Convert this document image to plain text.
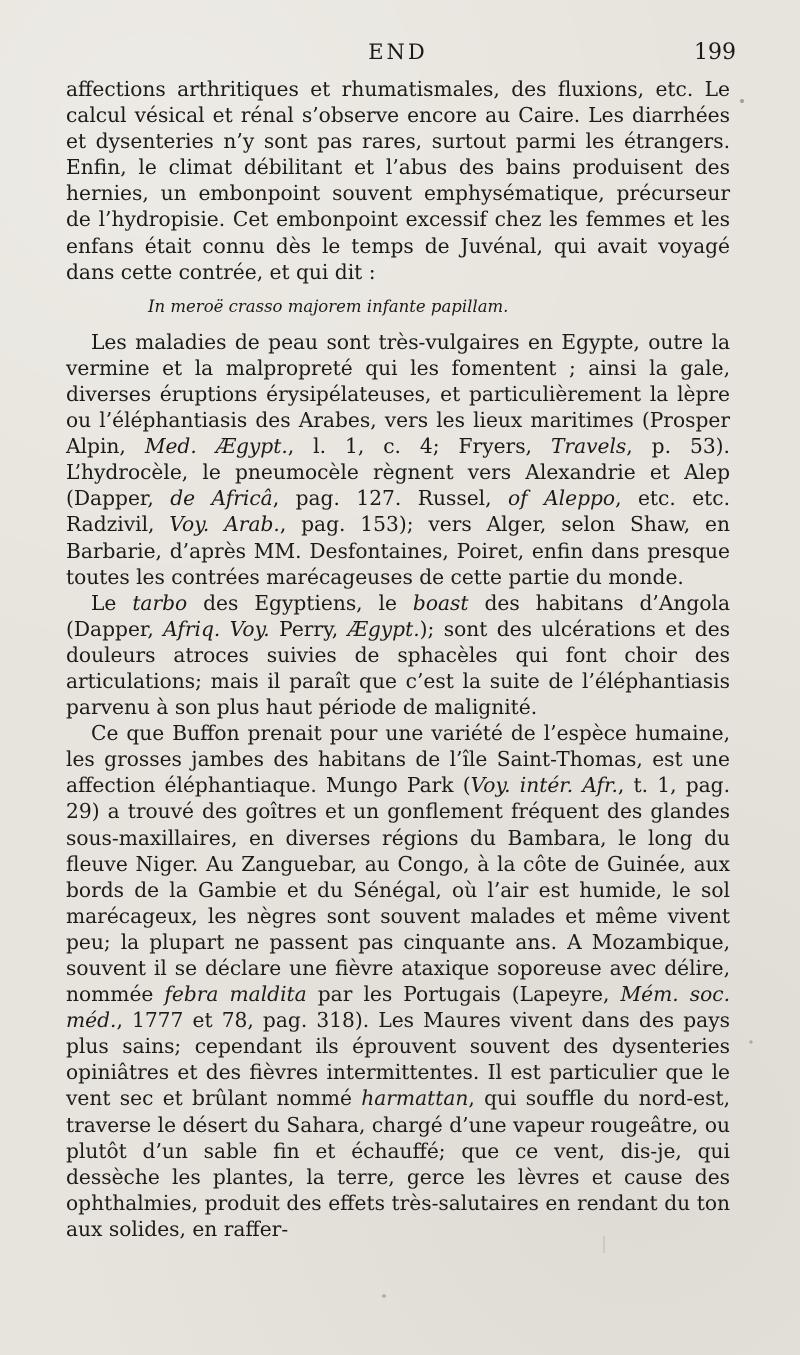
END	199

affections arthritiques et rhumatismales, des fluxions, etc. Le calcul vésical et rénal s’observe encore au Caire. Les diarrhées et dysenteries n’y sont pas rares, surtout parmi les étrangers. Enfin, le climat débilitant et l’abus des bains produisent des hernies, un embonpoint souvent emphysématique, précurseur de l’hydropisie. Cet embonpoint excessif chez les femmes et les enfans était connu dès le temps de Juvénal, qui avait voyagé dans cette contrée, et qui dit :

In meroë crasso majorem infante papillam.

Les maladies de peau sont très-vulgaires en Egypte, outre la vermine et la malpropreté qui les fomentent ; ainsi la gale, diverses éruptions érysipélateuses, et particulièrement la lèpre ou l’éléphantiasis des Arabes, vers les lieux maritimes (Prosper Alpin, Med. Ægypt., l. 1, c. 4; Fryers, Travels, p. 53). L’hydrocèle, le pneumocèle règnent vers Alexandrie et Alep (Dapper, de Africâ, pag. 127. Russel, of Aleppo, etc. etc. Radzivil, Voy. Arab., pag. 153); vers Alger, selon Shaw, en Barbarie, d’après MM. Desfontaines, Poiret, enfin dans presque toutes les contrées marécageuses de cette partie du monde.

Le tarbo des Egyptiens, le boast des habitans d’Angola (Dapper, Afriq. Voy. Perry, Ægypt.); sont des ulcérations et des douleurs atroces suivies de sphacèles qui font choir des articulations; mais il paraît que c’est la suite de l’éléphantiasis parvenu à son plus haut période de malignité.

Ce que Buffon prenait pour une variété de l’espèce humaine, les grosses jambes des habitans de l’île Saint-Thomas, est une affection éléphantiaque. Mungo Park (Voy. intér. Afr., t. 1, pag. 29) a trouvé des goîtres et un gonflement fréquent des glandes sous-maxillaires, en diverses régions du Bambara, le long du fleuve Niger. Au Zanguebar, au Congo, à la côte de Guinée, aux bords de la Gambie et du Sénégal, où l’air est humide, le sol marécageux, les nègres sont souvent malades et même vivent peu; la plupart ne passent pas cinquante ans. A Mozambique, souvent il se déclare une fièvre ataxique soporeuse avec délire, nommée febra maldita par les Portugais (Lapeyre, Mém. soc. méd., 1777 et 78, pag. 318). Les Maures vivent dans des pays plus sains; cependant ils éprouvent souvent des dysenteries opiniâtres et des fièvres intermittentes. Il est particulier que le vent sec et brûlant nommé harmattan, qui souffle du nord-est, traverse le désert du Sahara, chargé d’une vapeur rougeâtre, ou plutôt d’un sable fin et échauffé; que ce vent, dis-je, qui dessèche les plantes, la terre, gerce les lèvres et cause des ophthalmies, produit des effets très-salutaires en rendant du ton aux solides, en raffer-
